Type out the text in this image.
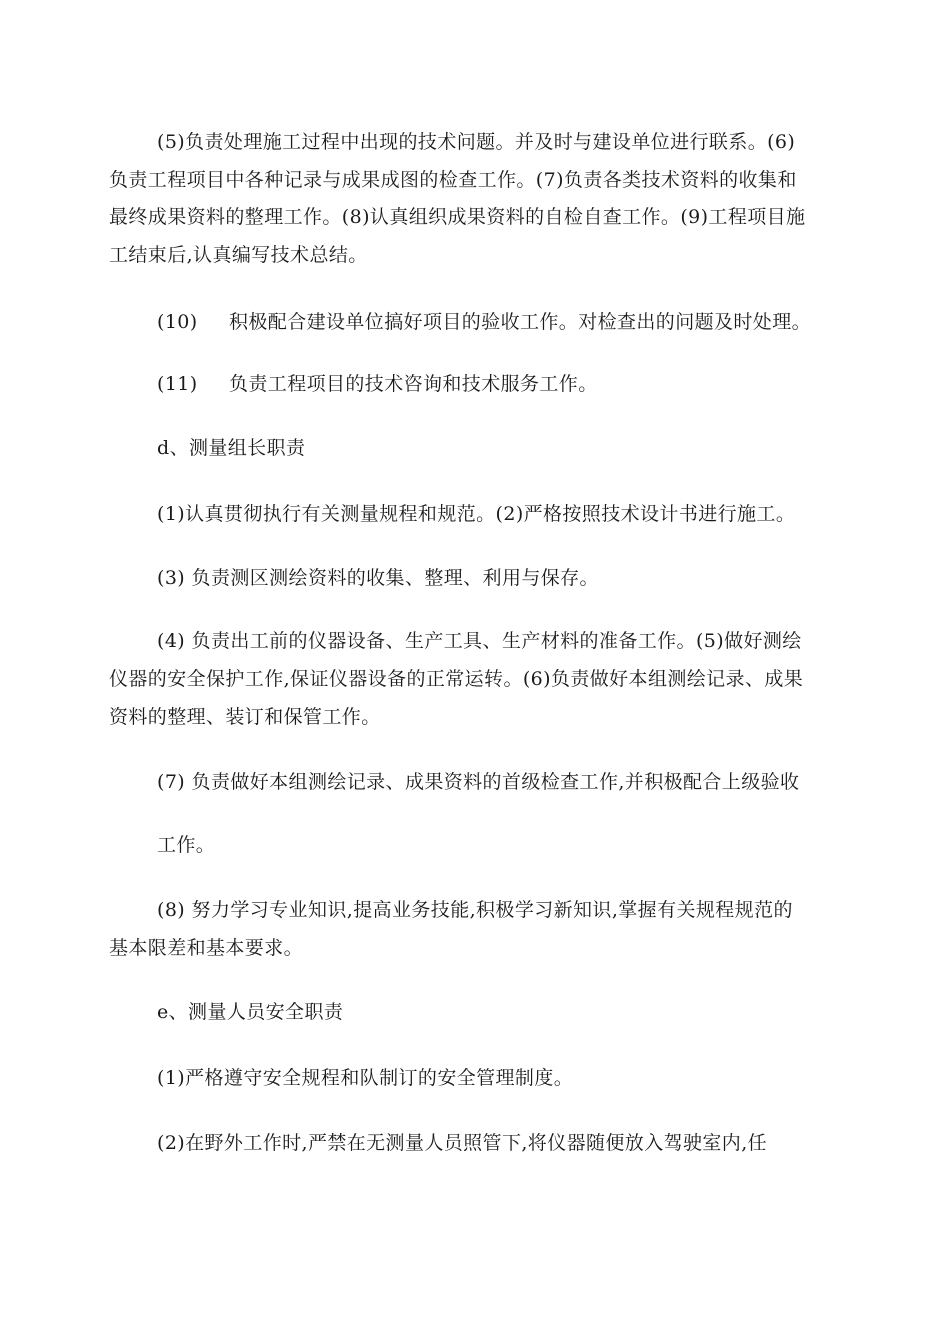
(5)负责处理施工过程中出现的技术问题。并及时与建设单位进行联系。(6)
负责工程项目中各种记录与成果成图的检查工作。(7)负责各类技术资料的收集和
最终成果资料的整理工作。(8)认真组织成果资料的自检自查工作。(9)工程项目施
工结束后,认真编写技术总结。
(10) 积极配合建设单位搞好项目的验收工作。对检查出的问题及时处理。
(11) 负责工程项目的技术咨询和技术服务工作。
d、测量组长职责
(1)认真贯彻执行有关测量规程和规范。(2)严格按照技术设计书进行施工。
(3) 负责测区测绘资料的收集、整理、利用与保存。
(4) 负责出工前的仪器设备、生产工具、生产材料的准备工作。(5)做好测绘
仪器的安全保护工作,保证仪器设备的正常运转。(6)负责做好本组测绘记录、成果
资料的整理、装订和保管工作。
(7) 负责做好本组测绘记录、成果资料的首级检查工作,并积极配合上级验收
工作。
(8) 努力学习专业知识,提高业务技能,积极学习新知识,掌握有关规程规范的
基本限差和基本要求。
e、测量人员安全职责
(1)严格遵守安全规程和队制订的安全管理制度。
(2)在野外工作时,严禁在无测量人员照管下,将仪器随便放入驾驶室内,任
